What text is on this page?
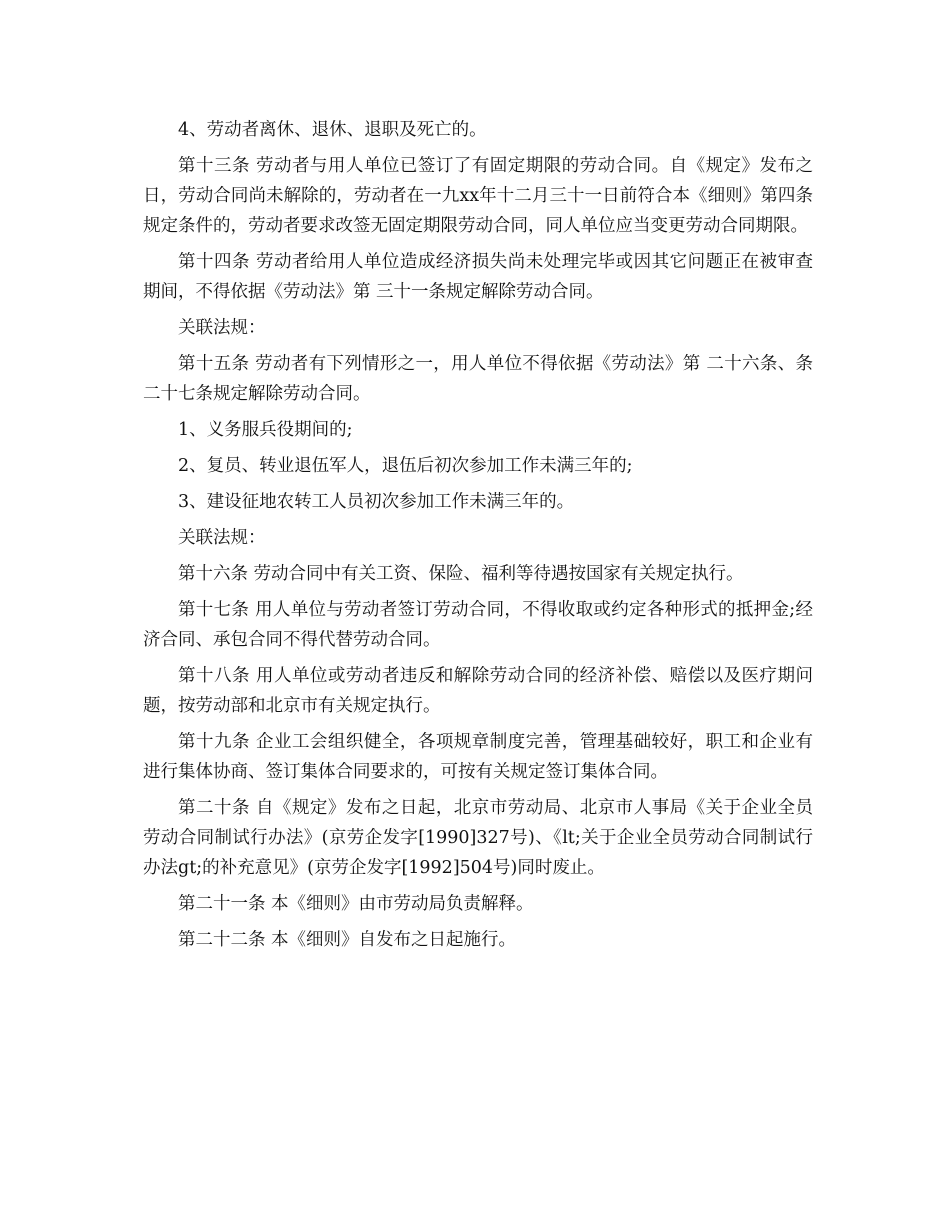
4、劳动者离休、退休、退职及死亡的。

第十三条 劳动者与用人单位已签订了有固定期限的劳动合同。自《规定》发布之日，劳动合同尚未解除的，劳动者在一九xx年十二月三十一日前符合本《细则》第四条规定条件的，劳动者要求改签无固定期限劳动合同，同人单位应当变更劳动合同期限。

第十四条 劳动者给用人单位造成经济损失尚未处理完毕或因其它问题正在被审查期间，不得依据《劳动法》第 三十一条规定解除劳动合同。

关联法规：

第十五条 劳动者有下列情形之一，用人单位不得依据《劳动法》第 二十六条、条二十七条规定解除劳动合同。

1、义务服兵役期间的;

2、复员、转业退伍军人，退伍后初次参加工作未满三年的;

3、建设征地农转工人员初次参加工作未满三年的。

关联法规：

第十六条 劳动合同中有关工资、保险、福利等待遇按国家有关规定执行。

第十七条 用人单位与劳动者签订劳动合同，不得收取或约定各种形式的抵押金;经济合同、承包合同不得代替劳动合同。

第十八条 用人单位或劳动者违反和解除劳动合同的经济补偿、赔偿以及医疗期问题，按劳动部和北京市有关规定执行。

第十九条 企业工会组织健全，各项规章制度完善，管理基础较好，职工和企业有进行集体协商、签订集体合同要求的，可按有关规定签订集体合同。

第二十条 自《规定》发布之日起，北京市劳动局、北京市人事局《关于企业全员劳动合同制试行办法》(京劳企发字[1990]327号)、《lt;关于企业全员劳动合同制试行办法gt;的补充意见》(京劳企发字[1992]504号)同时废止。

第二十一条 本《细则》由市劳动局负责解释。

第二十二条 本《细则》自发布之日起施行。
